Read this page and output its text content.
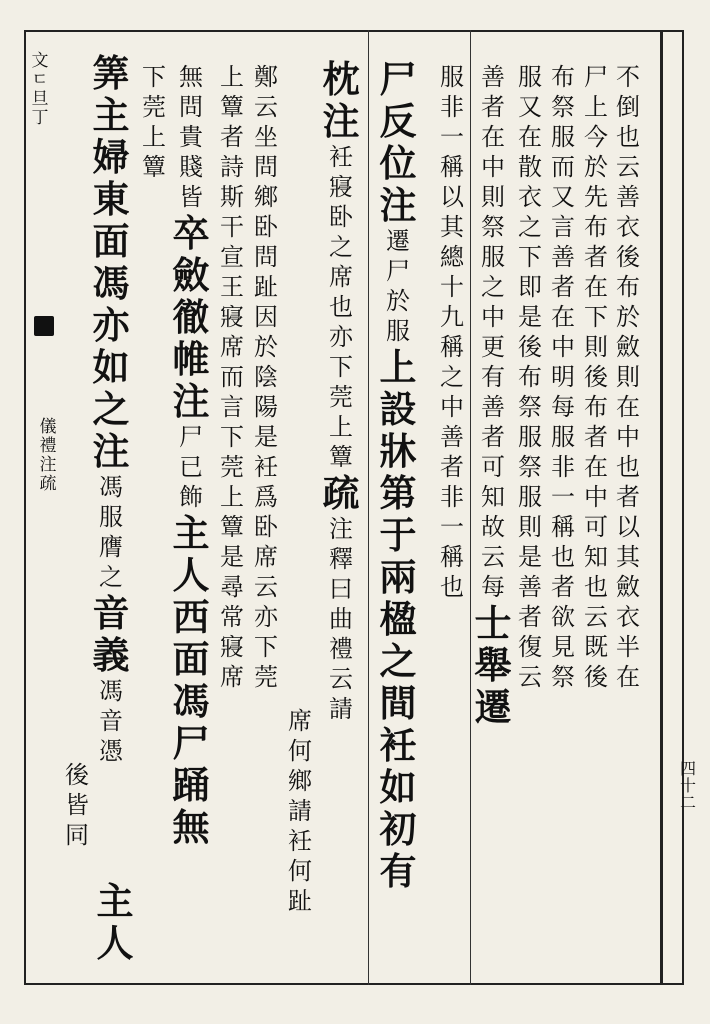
文
ㄷ
旦
丁
儀
禮
注
疏
四
十
二
不
倒
也
云
善
衣
後
布
於
斂
則
在
中
也
者
以
其
斂
衣
半
在
尸
上
今
於
先
布
者
在
下
則
後
布
者
在
中
可
知
也
云
既
後
布
祭
服
而
又
言
善
者
在
中
明
每
服
非
一
稱
也
者
欲
見
祭
服
又
在
散
衣
之
下
即
是
後
布
祭
服
祭
服
則
是
善
者
復
云
善
者
在
中
則
祭
服
之
中
更
有
善
者
可
知
故
云
每
士
舉
遷
服
非
一
稱
以
其
總
十
九
稱
之
中
善
者
非
一
稱
也
尸
反
位
注
遷
尸
於
服
上
設
牀
第
于
兩
楹
之
間
衽
如
初
有
枕
注
衽
寢
卧
之
席
也
亦
下
莞
上
簟
疏
注
釋
曰
曲
禮
云
請
席
何
鄉
請
衽
何
趾
鄭
云
坐
問
鄉
卧
問
趾
因
於
陰
陽
是
衽
爲
卧
席
云
亦
下
莞
上
簟
者
詩
斯
干
宣
王
寢
席
而
言
下
莞
上
簟
是
尋
常
寢
席
無
問
貴
賤
皆
卒
斂
徹
帷
注
尸
已
飾
主
人
西
面
馮
尸
踊
無
下
莞
上
簟
筭
主
婦
東
面
馮
亦
如
之
注
馮
服
膺
之
音
義
馮
音
憑
後
皆
同
主
人
